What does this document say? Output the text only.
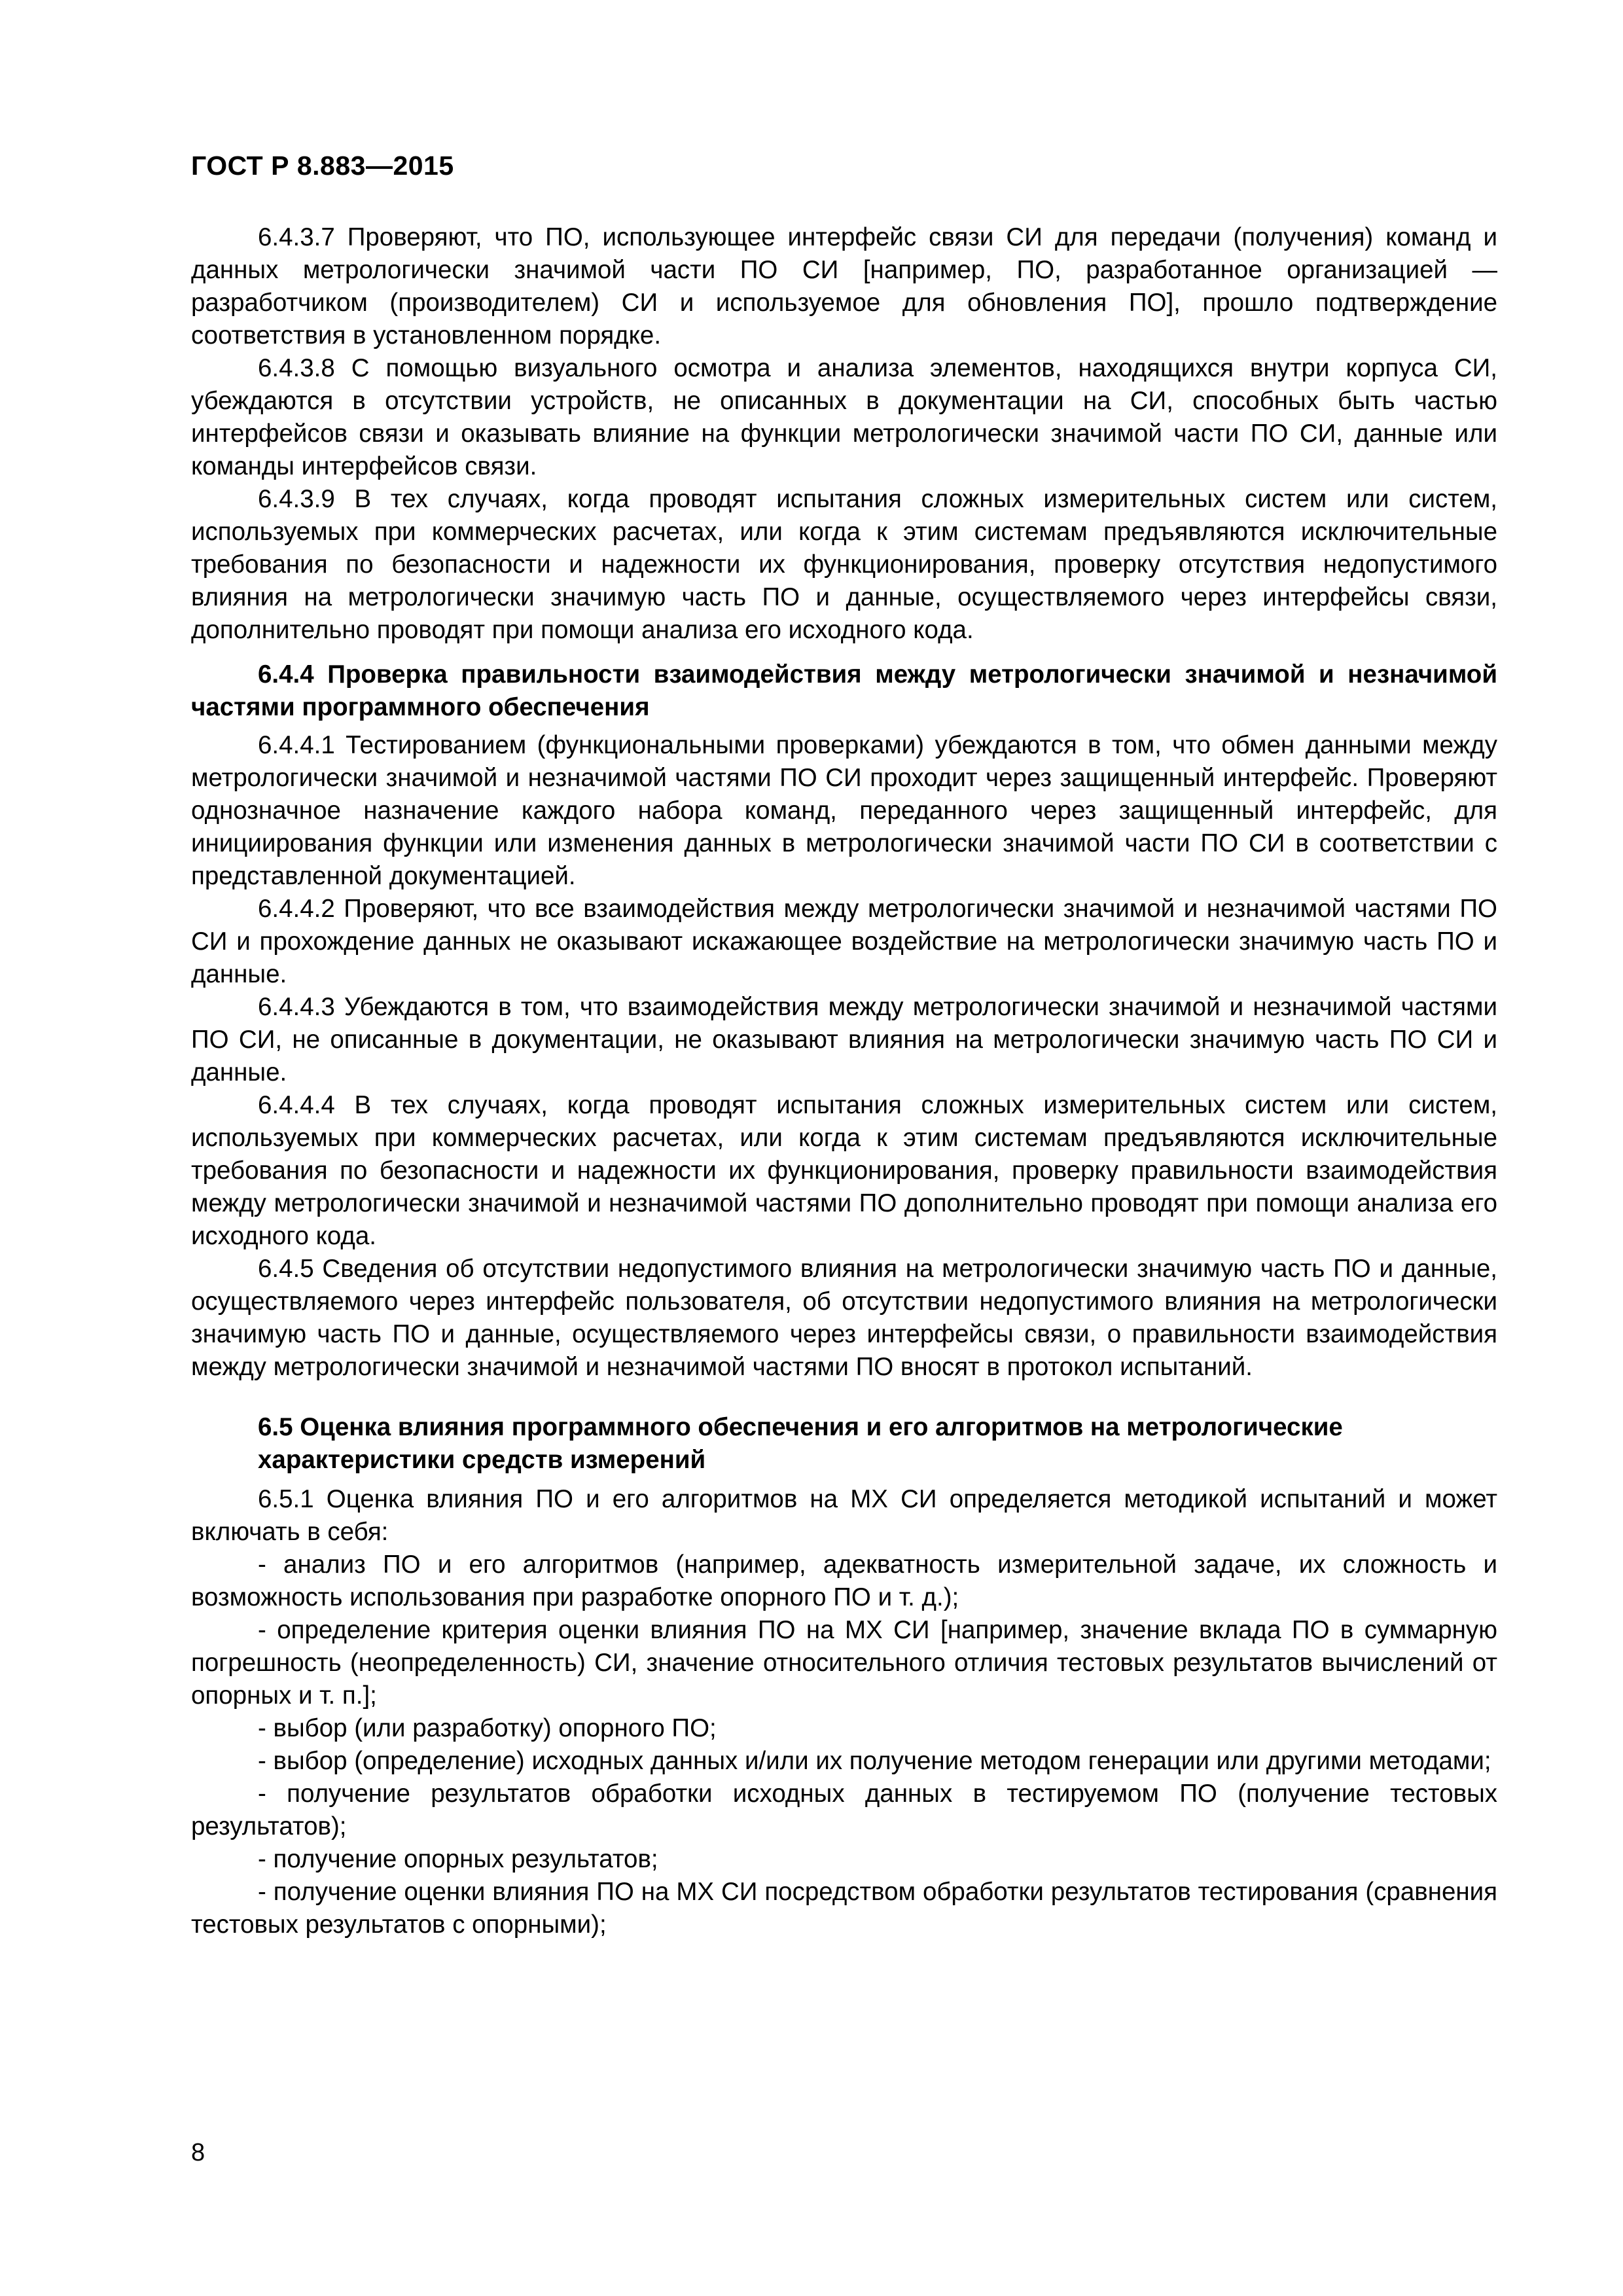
ГОСТ Р 8.883—2015

6.4.3.7 Проверяют, что ПО, использующее интерфейс связи СИ для передачи (получения) команд и данных метрологически значимой части ПО СИ [например, ПО, разработанное организацией — разработчиком (производителем) СИ и используемое для обновления ПО], прошло подтверждение соответствия в установленном порядке.

6.4.3.8 С помощью визуального осмотра и анализа элементов, находящихся внутри корпуса СИ, убеждаются в отсутствии устройств, не описанных в документации на СИ, способных быть частью интерфейсов связи и оказывать влияние на функции метрологически значимой части ПО СИ, данные или команды интерфейсов связи.

6.4.3.9 В тех случаях, когда проводят испытания сложных измерительных систем или систем, используемых при коммерческих расчетах, или когда к этим системам предъявляются исключительные требования по безопасности и надежности их функционирования, проверку отсутствия недопустимого влияния на метрологически значимую часть ПО и данные, осуществляемого через интерфейсы связи, дополнительно проводят при помощи анализа его исходного кода.

6.4.4 Проверка правильности взаимодействия между метрологически значимой и незначимой частями программного обеспечения

6.4.4.1 Тестированием (функциональными проверками) убеждаются в том, что обмен данными между метрологически значимой и незначимой частями ПО СИ проходит через защищенный интерфейс. Проверяют однозначное назначение каждого набора команд, переданного через защищенный интерфейс, для инициирования функции или изменения данных в метрологически значимой части ПО СИ в соответствии с представленной документацией.

6.4.4.2 Проверяют, что все взаимодействия между метрологически значимой и незначимой частями ПО СИ и прохождение данных не оказывают искажающее воздействие на метрологически значимую часть ПО и данные.

6.4.4.3 Убеждаются в том, что взаимодействия между метрологически значимой и незначимой частями ПО СИ, не описанные в документации, не оказывают влияния на метрологически значимую часть ПО СИ и данные.

6.4.4.4 В тех случаях, когда проводят испытания сложных измерительных систем или систем, используемых при коммерческих расчетах, или когда к этим системам предъявляются исключительные требования по безопасности и надежности их функционирования, проверку правильности взаимодействия между метрологически значимой и незначимой частями ПО дополнительно проводят при помощи анализа его исходного кода.

6.4.5 Сведения об отсутствии недопустимого влияния на метрологически значимую часть ПО и данные, осуществляемого через интерфейс пользователя, об отсутствии недопустимого влияния на метрологически значимую часть ПО и данные, осуществляемого через интерфейсы связи, о правильности взаимодействия между метрологически значимой и незначимой частями ПО вносят в протокол испытаний.

6.5 Оценка влияния программного обеспечения и его алгоритмов на метрологические характеристики средств измерений

6.5.1 Оценка влияния ПО и его алгоритмов на МХ СИ определяется методикой испытаний и может включать в себя:

- анализ ПО и его алгоритмов (например, адекватность измерительной задаче, их сложность и возможность использования при разработке опорного ПО и т. д.);

- определение критерия оценки влияния ПО на МХ СИ [например, значение вклада ПО в суммарную погрешность (неопределенность) СИ, значение относительного отличия тестовых результатов вычислений от опорных и т. п.];

- выбор (или разработку) опорного ПО;

- выбор (определение) исходных данных и/или их получение методом генерации или другими методами;

- получение результатов обработки исходных данных в тестируемом ПО (получение тестовых результатов);

- получение опорных результатов;

- получение оценки влияния ПО на МХ СИ посредством обработки результатов тестирования (сравнения тестовых результатов с опорными);

8
